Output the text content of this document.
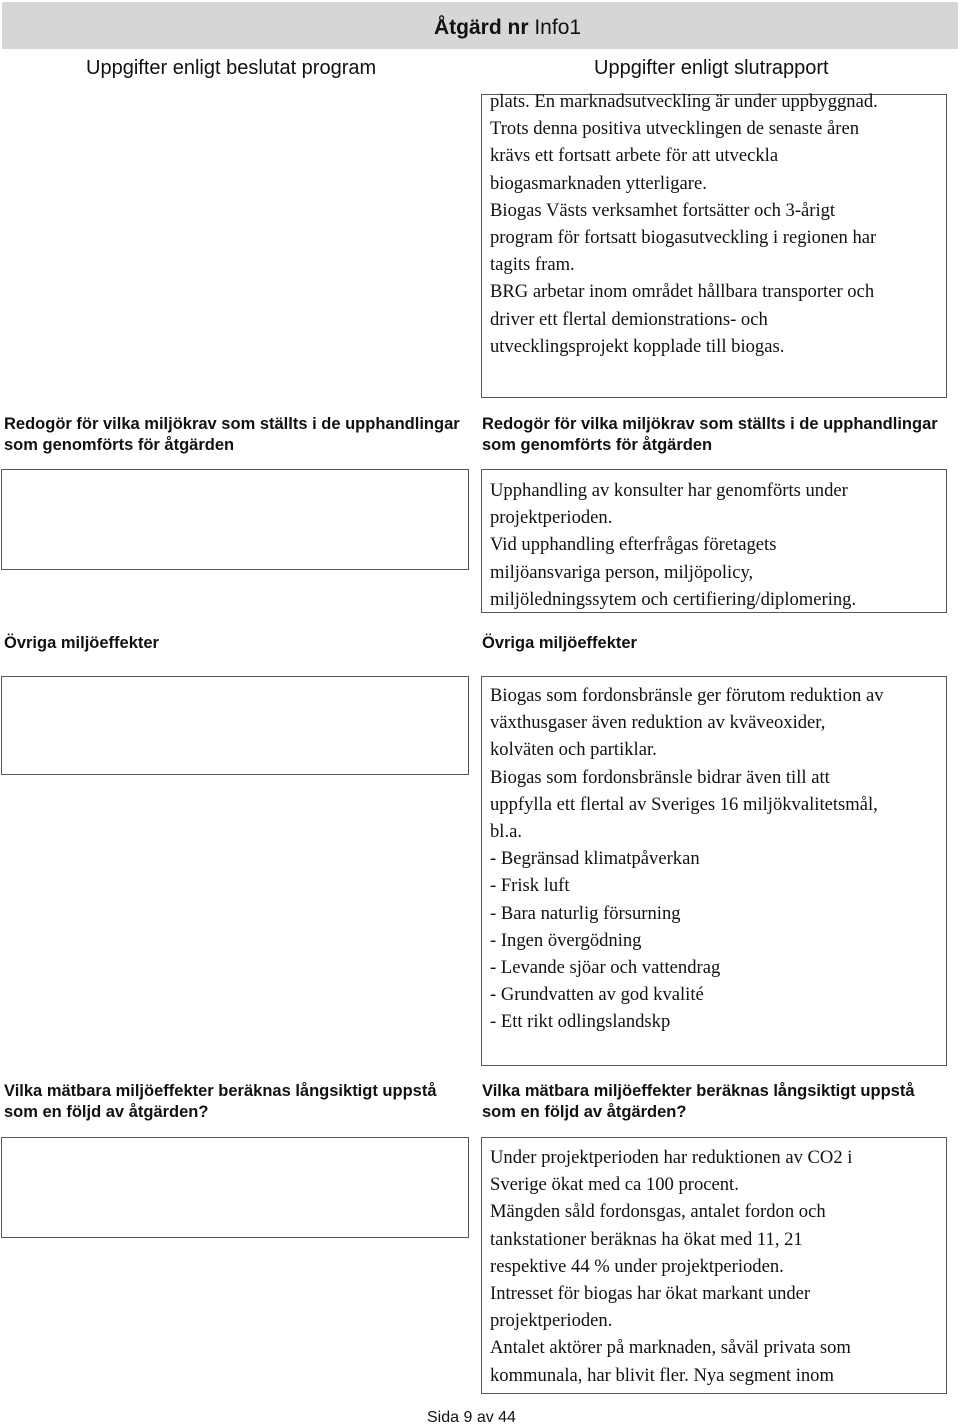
Åtgärd nr Info1
Uppgifter enligt beslutat program	Uppgifter enligt slutrapport
plats. En marknadsutveckling är under uppbyggnad.
Trots denna positiva utvecklingen de senaste åren
krävs ett fortsatt arbete för att utveckla
biogasmarknaden ytterligare.
Biogas Västs verksamhet fortsätter och 3-årigt
program för fortsatt biogasutveckling i regionen har
tagits fram.
BRG arbetar inom området hållbara transporter och
driver ett flertal demionstrations- och
utvecklingsprojekt kopplade till biogas.
Redogör för vilka miljökrav som ställts i de upphandlingar som genomförts för åtgärden
Redogör för vilka miljökrav som ställts i de upphandlingar som genomförts för åtgärden
Upphandling av konsulter har genomförts under
projektperioden.
Vid upphandling efterfrågas företagets
miljöansvariga person, miljöpolicy,
miljöledningssytem och certifiering/diplomering.
Övriga miljöeffekter	Övriga miljöeffekter
Biogas som fordonsbränsle ger förutom reduktion av
växthusgaser även reduktion av kväveoxider,
kolväten och partiklar.
Biogas som fordonsbränsle bidrar även till att
uppfylla ett flertal av Sveriges 16 miljökvalitetsmål,
bl.a.
- Begränsad klimatpåverkan
- Frisk luft
- Bara naturlig försurning
- Ingen övergödning
- Levande sjöar och vattendrag
- Grundvatten av god kvalité
- Ett rikt odlingslandskp
Vilka mätbara miljöeffekter beräknas långsiktigt uppstå som en följd av åtgärden?
Vilka mätbara miljöeffekter beräknas långsiktigt uppstå som en följd av åtgärden?
Under projektperioden har reduktionen av CO2 i
Sverige ökat med ca 100 procent.
Mängden såld fordonsgas, antalet fordon och
tankstationer beräknas ha ökat med 11, 21
respektive 44 % under projektperioden.
Intresset för biogas har ökat markant under
projektperioden.
Antalet aktörer på marknaden, såväl privata som
kommunala, har blivit fler. Nya segment inom
Sida 9 av 44
